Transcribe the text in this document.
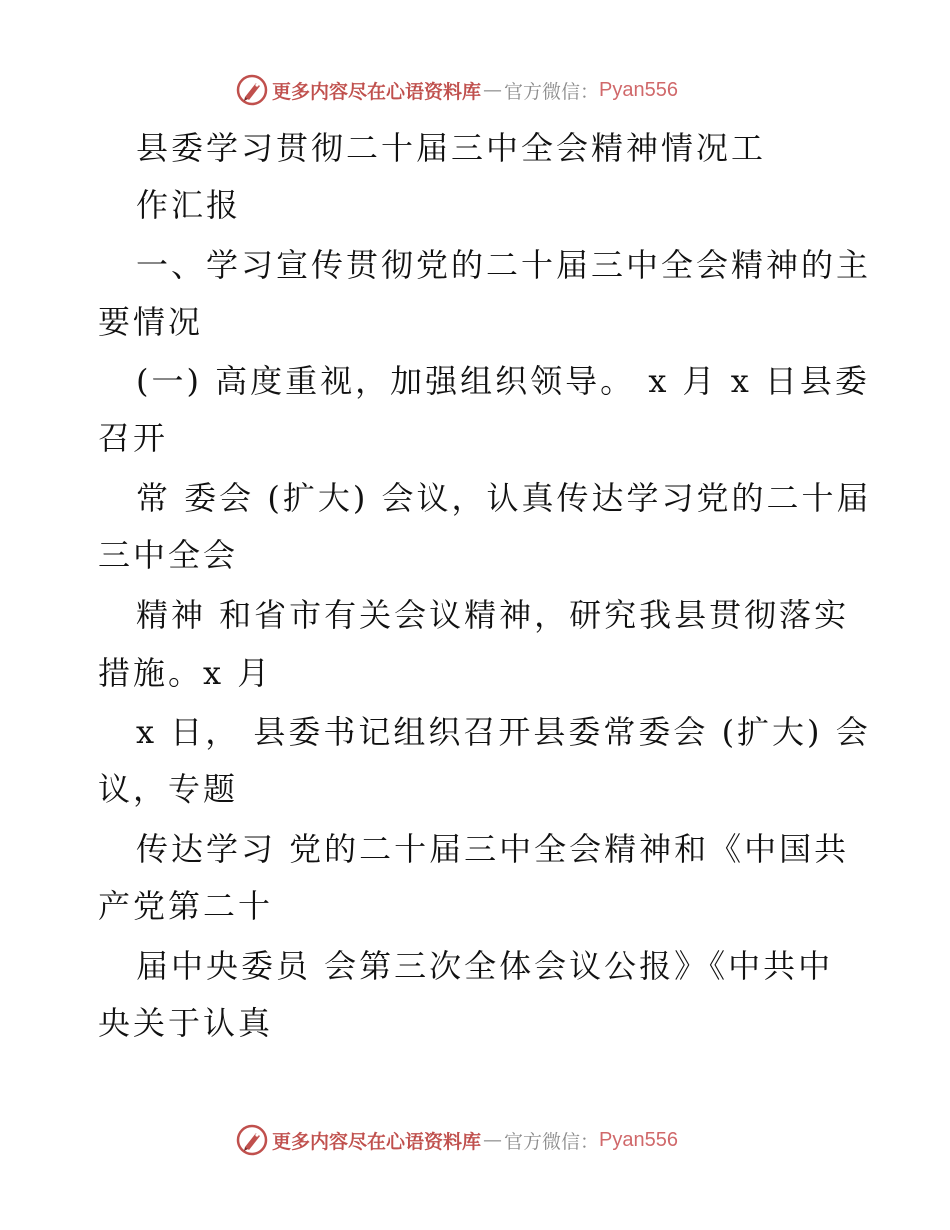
更多内容尽在心语资料库 — 官方微信： Pyan556
县委学习贯彻二十届三中全会精神情况工
作汇报
一、学习宣传贯彻党的二十届三中全会精神的主
要情况
(一) 高度重视，加强组织领导。 x 月 x 日县委
召开
常 委会 (扩大) 会议，认真传达学习党的二十届
三中全会
精神 和省市有关会议精神，研究我县贯彻落实
措施。x 月
x 日， 县委书记组织召开县委常委会 (扩大) 会
议，专题
传达学习 党的二十届三中全会精神和《中国共
产党第二十
届中央委员 会第三次全体会议公报》《中共中
央关于认真
更多内容尽在心语资料库 — 官方微信： Pyan556
